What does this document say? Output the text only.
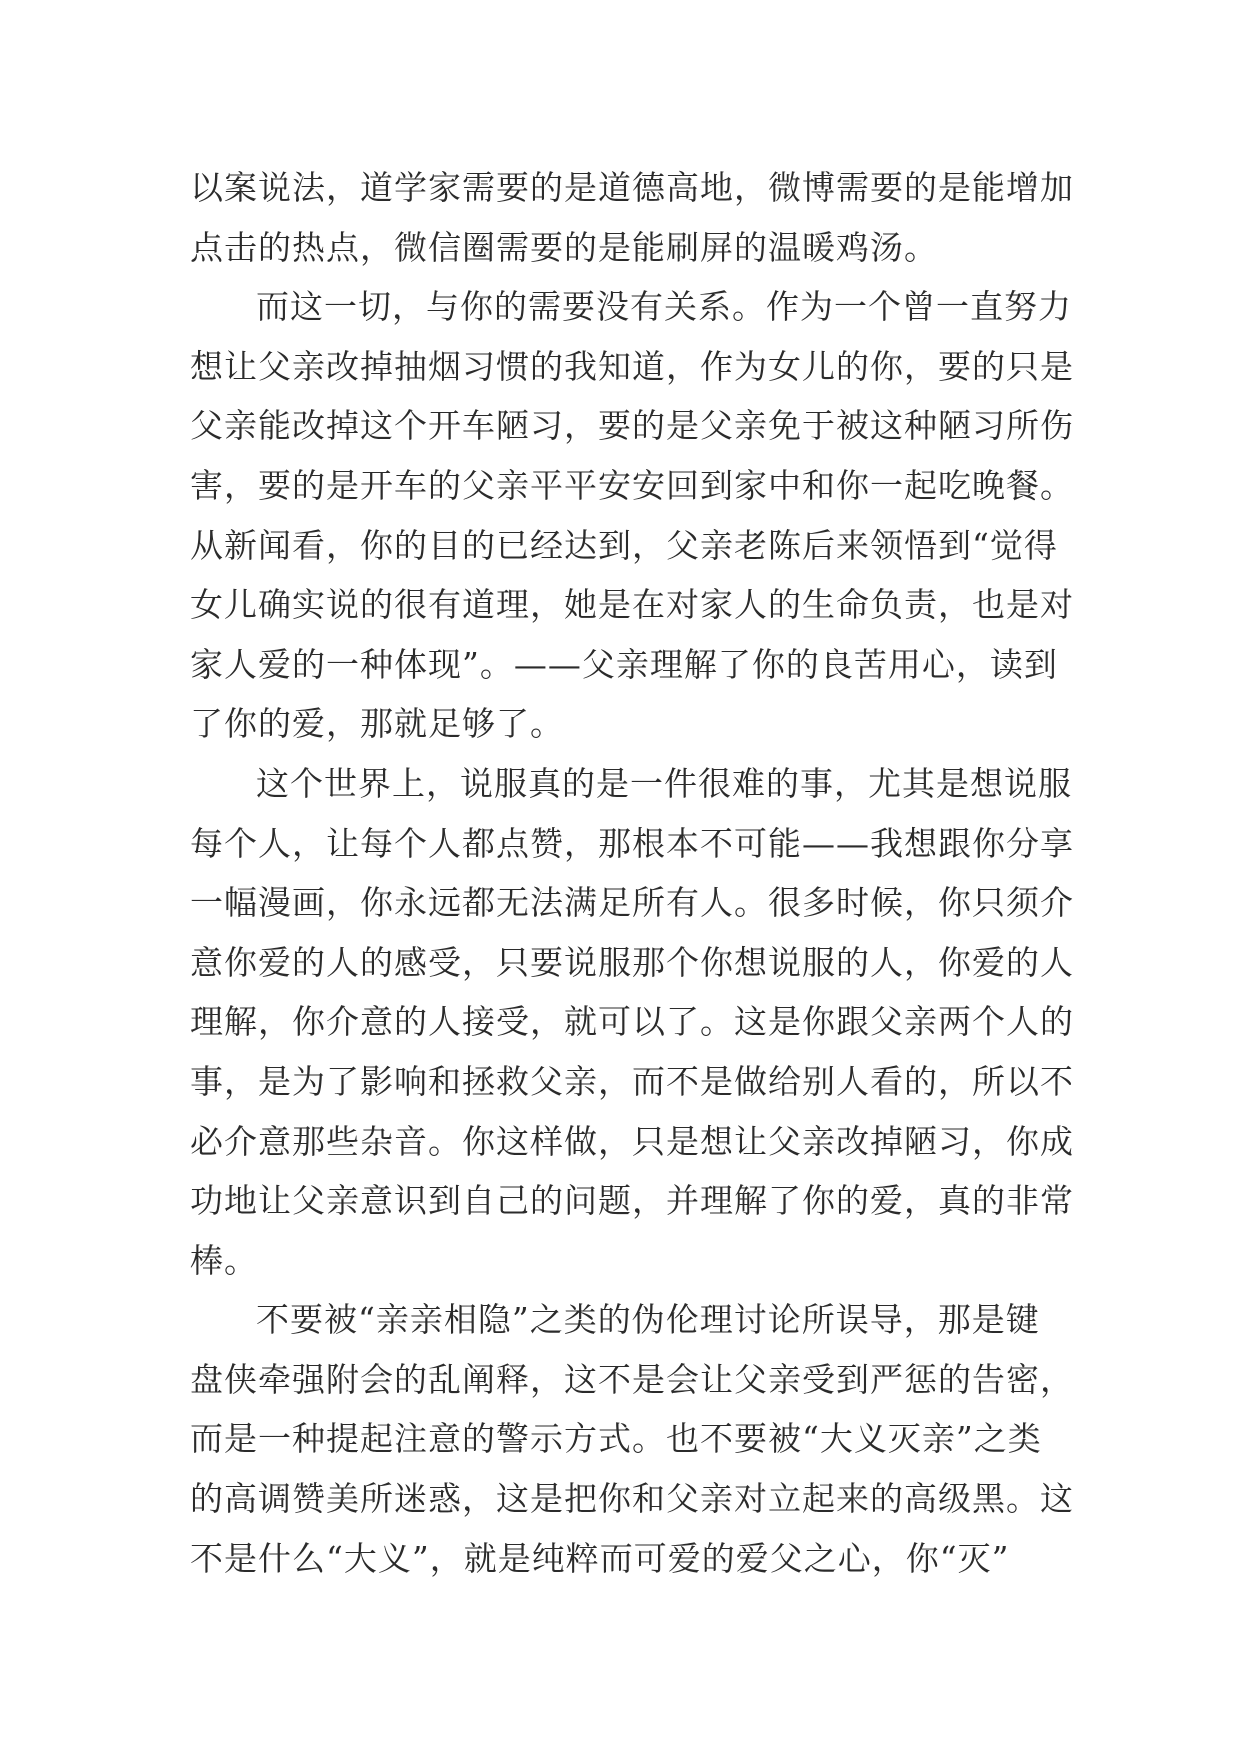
以案说法，道学家需要的是道德高地，微博需要的是能增加
点击的热点，微信圈需要的是能刷屏的温暖鸡汤。
而这一切，与你的需要没有关系。作为一个曾一直努力
想让父亲改掉抽烟习惯的我知道，作为女儿的你，要的只是
父亲能改掉这个开车陋习，要的是父亲免于被这种陋习所伤
害，要的是开车的父亲平平安安回到家中和你一起吃晚餐。
从新闻看，你的目的已经达到，父亲老陈后来领悟到“觉得
女儿确实说的很有道理，她是在对家人的生命负责，也是对
家人爱的一种体现”。——父亲理解了你的良苦用心，读到
了你的爱，那就足够了。
这个世界上，说服真的是一件很难的事，尤其是想说服
每个人，让每个人都点赞，那根本不可能——我想跟你分享
一幅漫画，你永远都无法满足所有人。很多时候，你只须介
意你爱的人的感受，只要说服那个你想说服的人，你爱的人
理解，你介意的人接受，就可以了。这是你跟父亲两个人的
事，是为了影响和拯救父亲，而不是做给别人看的，所以不
必介意那些杂音。你这样做，只是想让父亲改掉陋习，你成
功地让父亲意识到自己的问题，并理解了你的爱，真的非常
棒。
不要被“亲亲相隐”之类的伪伦理讨论所误导，那是键
盘侠牵强附会的乱阐释，这不是会让父亲受到严惩的告密，
而是一种提起注意的警示方式。也不要被“大义灭亲”之类
的高调赞美所迷惑，这是把你和父亲对立起来的高级黑。这
不是什么“大义”，就是纯粹而可爱的爱父之心，你“灭”
